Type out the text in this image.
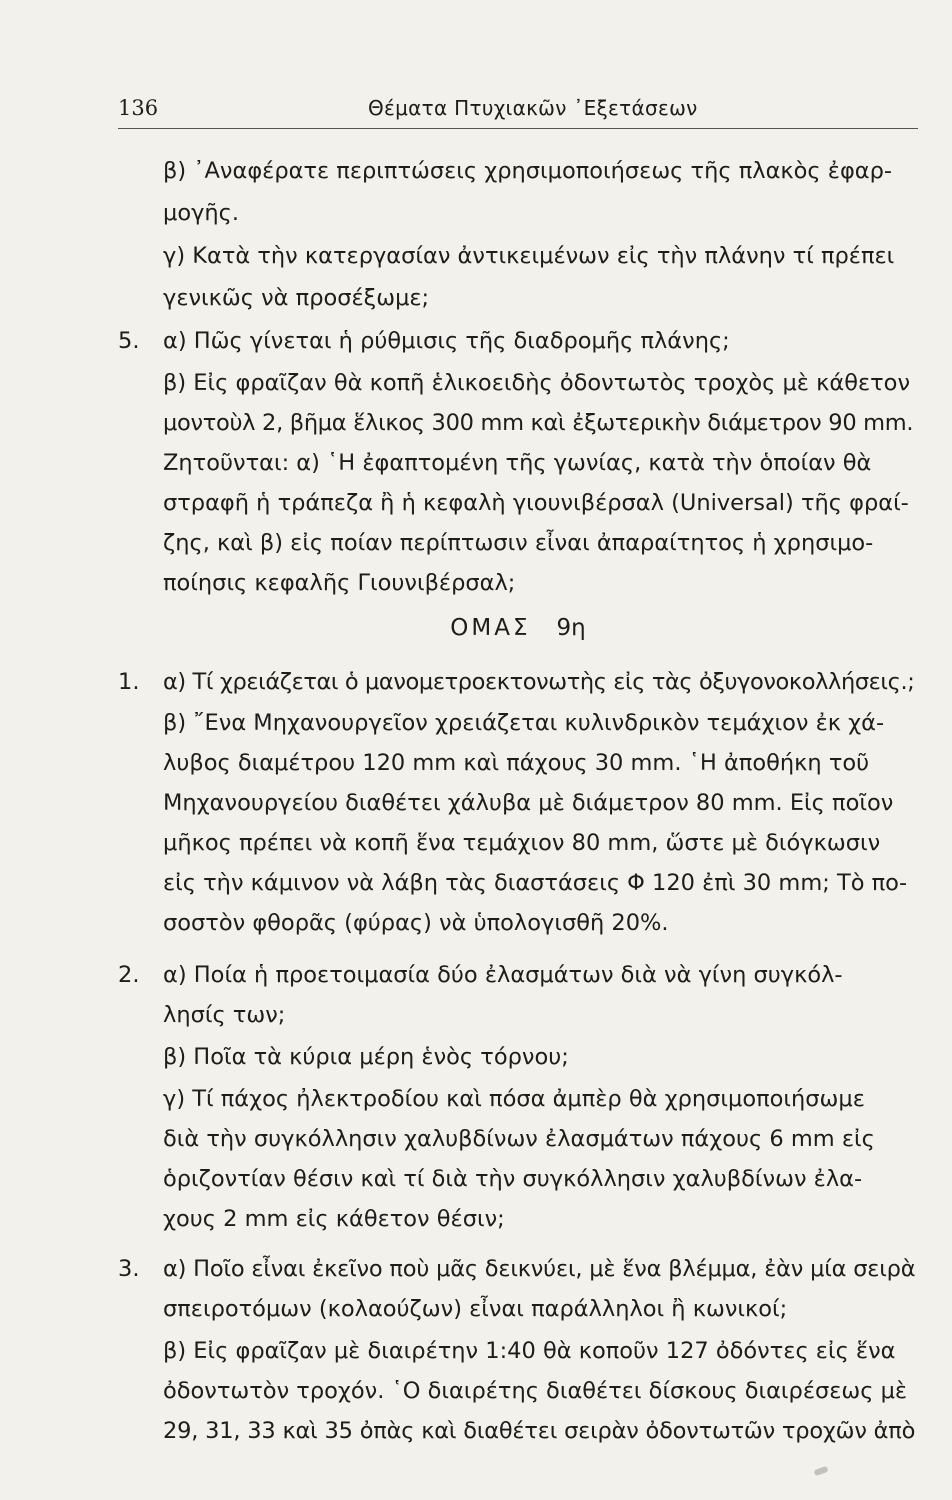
136	Θέματα Πτυχιακῶν ᾿Εξετάσεων
β) ᾿Αναφέρατε περιπτώσεις χρησιμοποιήσεως τῆς πλακὸς ἐφαρ-
μογῆς.
γ) Κατὰ τὴν κατεργασίαν ἀντικειμένων εἰς τὴν πλάνην τί πρέπει
γενικῶς νὰ προσέξωμε;
5. α) Πῶς γίνεται ἡ ρύθμισις τῆς διαδρομῆς πλάνης;
β) Εἰς φραῖζαν θὰ κοπῆ ἑλικοειδὴς ὀδοντωτὸς τροχὸς μὲ κάθετον
μοντοὺλ 2, βῆμα ἕλικος 300 mm καὶ ἐξωτερικὴν διάμετρον 90 mm.
Ζητοῦνται: α) ῾Η ἐφαπτομένη τῆς γωνίας, κατὰ τὴν ὁποίαν θὰ
στραφῆ ἡ τράπεζα ἢ ἡ κεφαλὴ γιουνιβέρσαλ (Universal) τῆς φραί-
ζης, καὶ β) εἰς ποίαν περίπτωσιν εἶναι ἀπαραίτητος ἡ χρησιμο-
ποίησις κεφαλῆς Γιουνιβέρσαλ;
ΟΜΑΣ 9η
1. α) Τί χρειάζεται ὁ μανομετροεκτονωτὴς εἰς τὰς ὀξυγονοκολλήσεις.;
β) ῎Ενα Μηχανουργεῖον χρειάζεται κυλινδρικὸν τεμάχιον ἐκ χά-
λυβος διαμέτρου 120 mm καὶ πάχους 30 mm. ῾Η ἀποθήκη τοῦ
Μηχανουργείου διαθέτει χάλυβα μὲ διάμετρον 80 mm. Εἰς ποῖον
μῆκος πρέπει νὰ κοπῆ ἕνα τεμάχιον 80 mm, ὥστε μὲ διόγκωσιν
εἰς τὴν κάμινον νὰ λάβη τὰς διαστάσεις Φ 120 ἐπὶ 30 mm; Τὸ πο-
σοστὸν φθορᾶς (φύρας) νὰ ὑπολογισθῆ 20%.
2. α) Ποία ἡ προετοιμασία δύο ἐλασμάτων διὰ νὰ γίνη συγκόλ-
λησίς των;
β) Ποῖα τὰ κύρια μέρη ἑνὸς τόρνου;
γ) Τί πάχος ἠλεκτροδίου καὶ πόσα ἀμπὲρ θὰ χρησιμοποιήσωμε
διὰ τὴν συγκόλλησιν χαλυβδίνων ἐλασμάτων πάχους 6 mm εἰς
ὁριζοντίαν θέσιν καὶ τί διὰ τὴν συγκόλλησιν χαλυβδίνων ἐλα-
χους 2 mm εἰς κάθετον θέσιν;
3. α) Ποῖο εἶναι ἐκεῖνο ποὺ μᾶς δεικνύει, μὲ ἕνα βλέμμα, ἐὰν μία σειρὰ
σπειροτόμων (κολαούζων) εἶναι παράλληλοι ἢ κωνικοί;
β) Εἰς φραῖζαν μὲ διαιρέτην 1:40 θὰ κοποῦν 127 ὀδόντες εἰς ἕνα
ὀδοντωτὸν τροχόν. ῾Ο διαιρέτης διαθέτει δίσκους διαιρέσεως μὲ
29, 31, 33 καὶ 35 ὀπὰς καὶ διαθέτει σειρὰν ὀδοντωτῶν τροχῶν ἀπὸ
